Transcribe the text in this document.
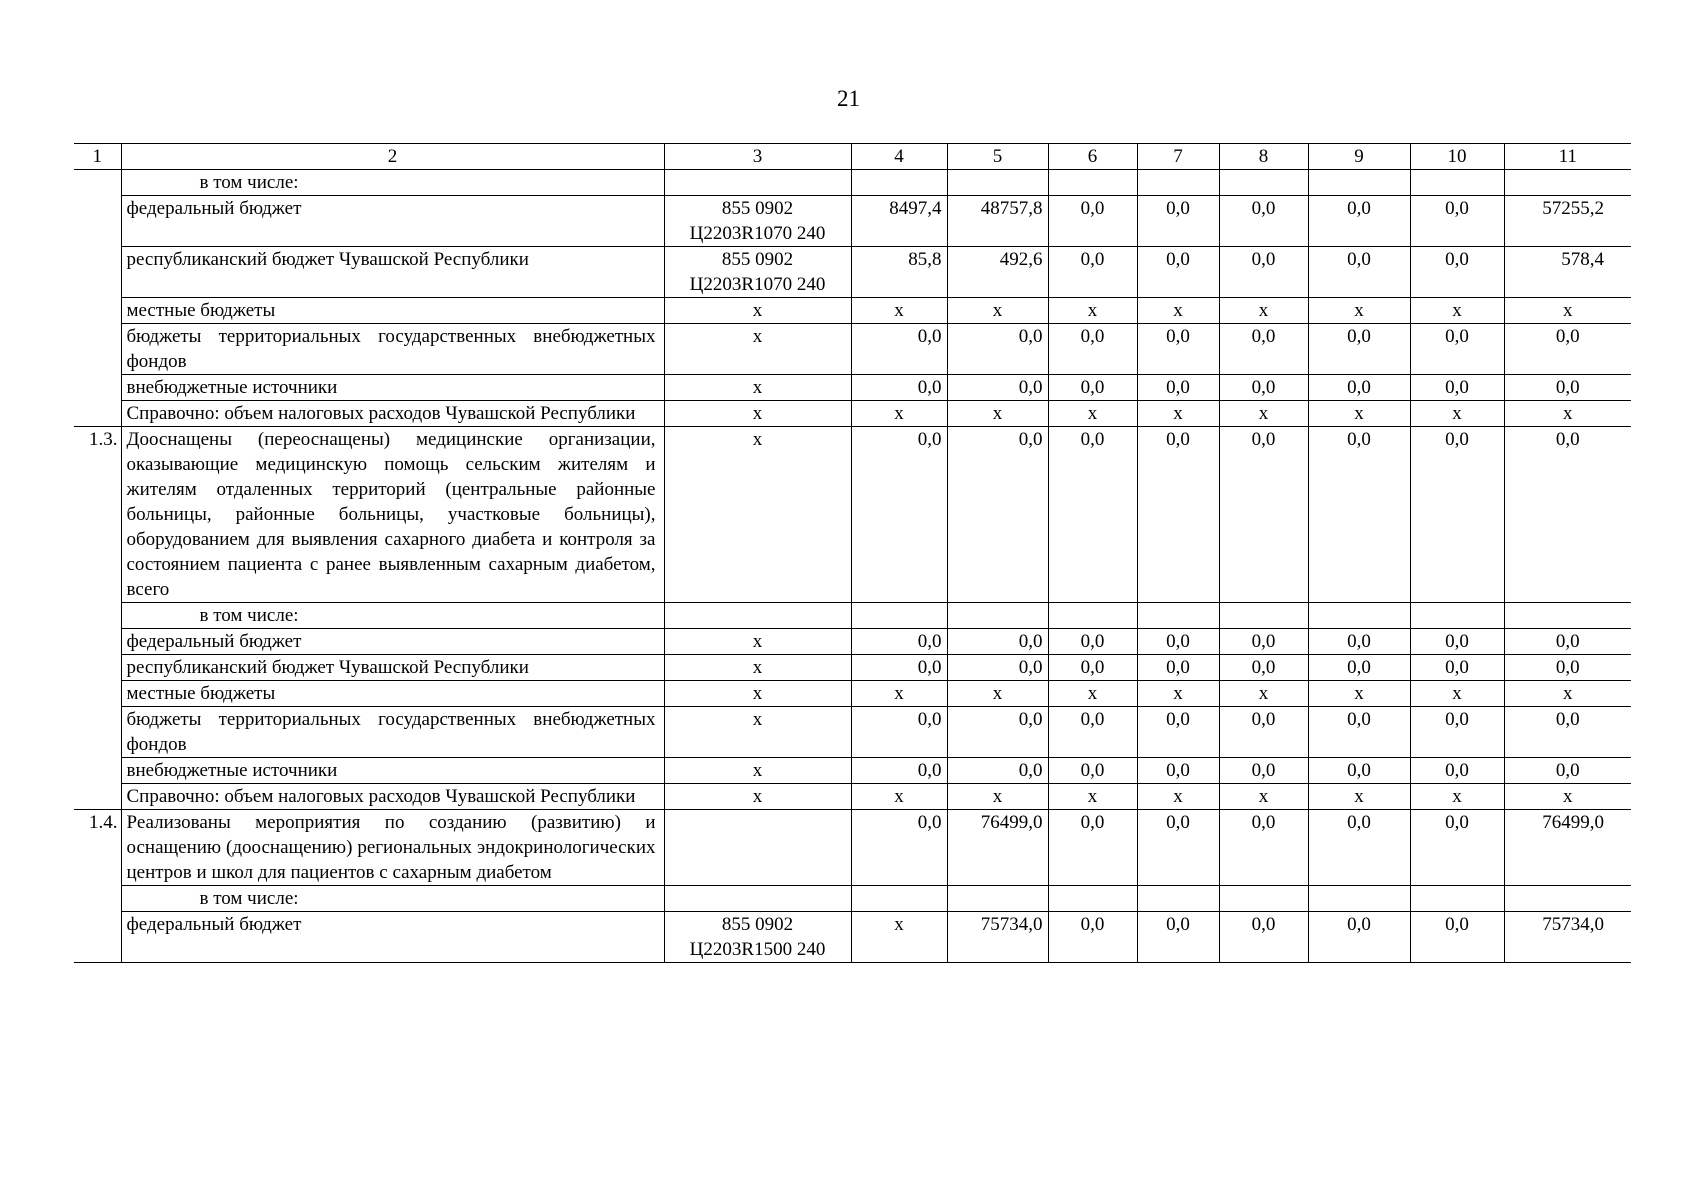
21
1	2	3	4	5	6	7	8	9	10	11
	в том числе:									
	федеральный бюджет	855 0902
Ц2203R1070 240	8497,4	48757,8	0,0	0,0	0,0	0,0	0,0	57255,2
	республиканский бюджет Чувашской Республики	855 0902
Ц2203R1070 240	85,8	492,6	0,0	0,0	0,0	0,0	0,0	578,4
	местные бюджеты	x	x	x	x	x	x	x	x	x
	бюджеты территориальных государственных внебюджетных фондов	x	0,0	0,0	0,0	0,0	0,0	0,0	0,0	0,0
	внебюджетные источники	x	0,0	0,0	0,0	0,0	0,0	0,0	0,0	0,0
	Справочно: объем налоговых расходов Чувашской Республики	x	x	x	x	x	x	x	x	x
1.3.	Дооснащены (переоснащены) медицинские организации, оказывающие медицинскую помощь сельским жителям и жителям отдаленных территорий (центральные районные больницы, районные больницы, участковые больницы), оборудованием для выявления сахарного диабета и контроля за состоянием пациента с ранее выявленным сахарным диабетом, всего	x	0,0	0,0	0,0	0,0	0,0	0,0	0,0	0,0
	в том числе:									
	федеральный бюджет	x	0,0	0,0	0,0	0,0	0,0	0,0	0,0	0,0
	республиканский бюджет Чувашской Республики	x	0,0	0,0	0,0	0,0	0,0	0,0	0,0	0,0
	местные бюджеты	x	x	x	x	x	x	x	x	x
	бюджеты территориальных государственных внебюджетных фондов	x	0,0	0,0	0,0	0,0	0,0	0,0	0,0	0,0
	внебюджетные источники	x	0,0	0,0	0,0	0,0	0,0	0,0	0,0	0,0
	Справочно: объем налоговых расходов Чувашской Республики	x	x	x	x	x	x	x	x	x
1.4.	Реализованы мероприятия по созданию (развитию) и оснащению (дооснащению) региональных эндокринологических центров и школ для пациентов с сахарным диабетом		0,0	76499,0	0,0	0,0	0,0	0,0	0,0	76499,0
	в том числе:									
	федеральный бюджет	855 0902
Ц2203R1500 240	x	75734,0	0,0	0,0	0,0	0,0	0,0	75734,0
